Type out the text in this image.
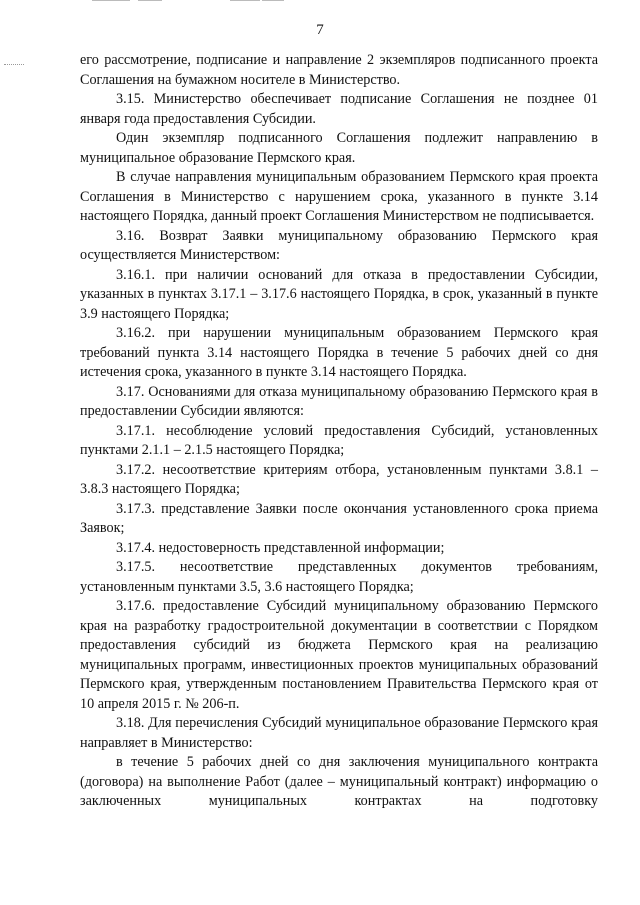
7

его рассмотрение, подписание и направление 2 экземпляров подписанного проекта Соглашения на бумажном носителе в Министерство.

3.15. Министерство обеспечивает подписание Соглашения не позднее 01 января года предоставления Субсидии.

Один экземпляр подписанного Соглашения подлежит направлению в муниципальное образование Пермского края.

В случае направления муниципальным образованием Пермского края проекта Соглашения в Министерство с нарушением срока, указанного в пункте 3.14 настоящего Порядка, данный проект Соглашения Министерством не подписывается.

3.16. Возврат Заявки муниципальному образованию Пермского края осуществляется Министерством:

3.16.1. при наличии оснований для отказа в предоставлении Субсидии, указанных в пунктах 3.17.1 – 3.17.6 настоящего Порядка, в срок, указанный в пункте 3.9 настоящего Порядка;

3.16.2. при нарушении муниципальным образованием Пермского края требований пункта 3.14 настоящего Порядка в течение 5 рабочих дней со дня истечения срока, указанного в пункте 3.14 настоящего Порядка.

3.17. Основаниями для отказа муниципальному образованию Пермского края в предоставлении Субсидии являются:

3.17.1. несоблюдение условий предоставления Субсидий, установленных пунктами 2.1.1 – 2.1.5 настоящего Порядка;

3.17.2. несоответствие критериям отбора, установленным пунктами 3.8.1 – 3.8.3 настоящего Порядка;

3.17.3. представление Заявки после окончания установленного срока приема Заявок;

3.17.4. недостоверность представленной информации;

3.17.5. несоответствие представленных документов требованиям, установленным пунктами 3.5, 3.6 настоящего Порядка;

3.17.6. предоставление Субсидий муниципальному образованию Пермского края на разработку градостроительной документации в соответствии с Порядком предоставления субсидий из бюджета Пермского края на реализацию муниципальных программ, инвестиционных проектов муниципальных образований Пермского края, утвержденным постановлением Правительства Пермского края от 10 апреля 2015 г. № 206-п.

3.18. Для перечисления Субсидий муниципальное образование Пермского края направляет в Министерство:

в течение 5 рабочих дней со дня заключения муниципального контракта (договора) на выполнение Работ (далее – муниципальный контракт) информацию о заключенных муниципальных контрактах на подготовку
